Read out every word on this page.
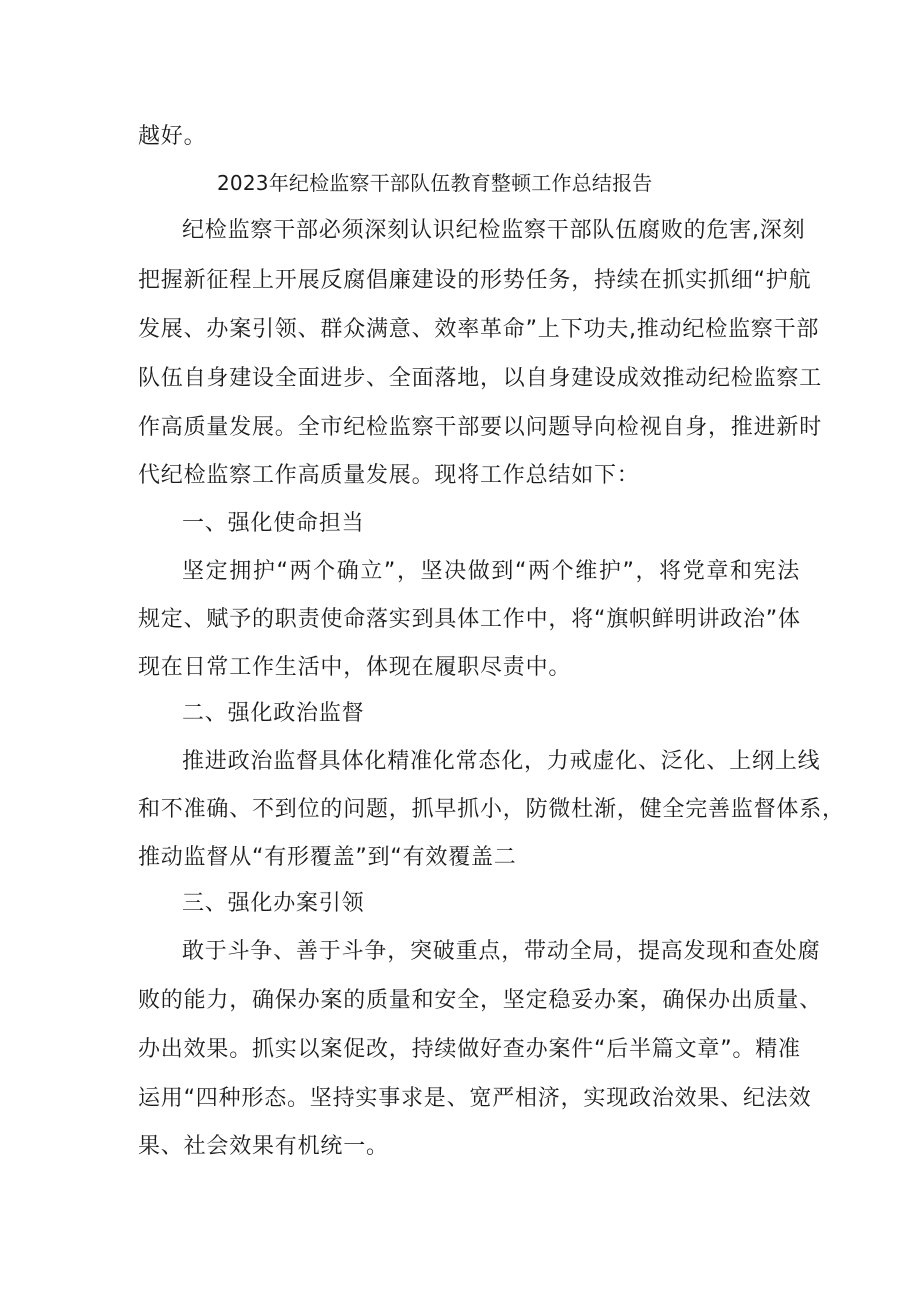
越好。
2023年纪检监察干部队伍教育整顿工作总结报告
纪检监察干部必须深刻认识纪检监察干部队伍腐败的危害,深刻
把握新征程上开展反腐倡廉建设的形势任务，持续在抓实抓细“护航
发展、办案引领、群众满意、效率革命”上下功夫,推动纪检监察干部
队伍自身建设全面进步、全面落地，以自身建设成效推动纪检监察工
作高质量发展。全市纪检监察干部要以问题导向检视自身，推进新时
代纪检监察工作高质量发展。现将工作总结如下：
一、强化使命担当
坚定拥护“两个确立”，坚决做到“两个维护”，将党章和宪法
规定、赋予的职责使命落实到具体工作中，将“旗帜鲜明讲政治”体
现在日常工作生活中，体现在履职尽责中。
二、强化政治监督
推进政治监督具体化精准化常态化，力戒虚化、泛化、上纲上线
和不准确、不到位的问题，抓早抓小，防微杜渐，健全完善监督体系，
推动监督从“有形覆盖”到“有效覆盖二
三、强化办案引领
敢于斗争、善于斗争，突破重点，带动全局，提高发现和查处腐
败的能力，确保办案的质量和安全，坚定稳妥办案，确保办出质量、
办出效果。抓实以案促改，持续做好查办案件“后半篇文章”。精准
运用“四种形态。坚持实事求是、宽严相济，实现政治效果、纪法效
果、社会效果有机统一。
